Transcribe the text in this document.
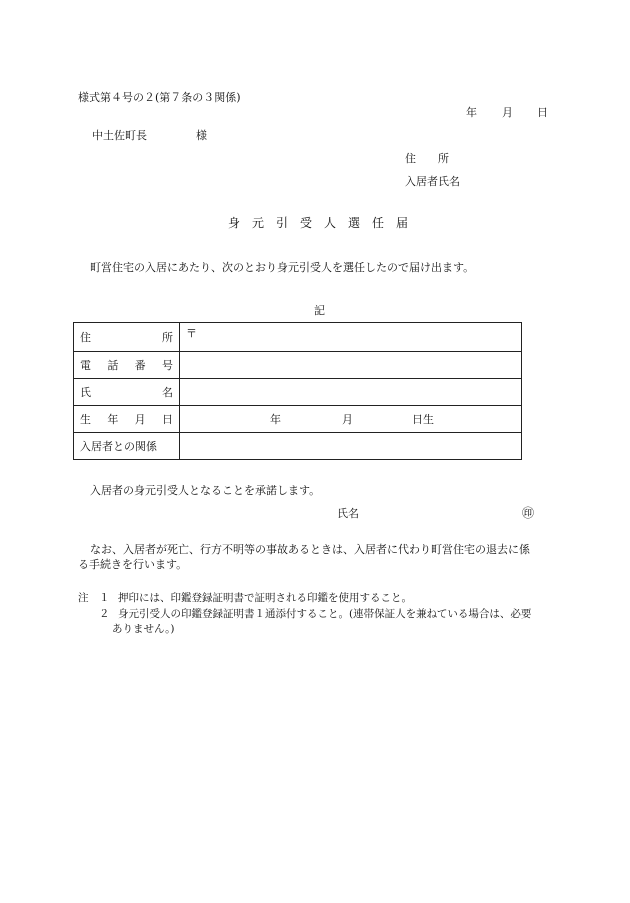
様式第４号の２(第７条の３関係)
年 月 日
中土佐町長	様
住　　所
入居者氏名
身　元　引　受　人　選　任　届
町営住宅の入居にあたり、次のとおり身元引受人を選任したので届け出ます。
記
住 所	〒

電 話 番 号	

氏 名	

生 年 月 日	年 月 日生

入居者との関係	

入居者の身元引受人となることを承諾します。
氏名	㊞
なお、入居者が死亡、行方不明等の事故あるときは、入居者に代わり町営住宅の退去に係
る手続きを行います。
注 １ 押印には、印鑑登録証明書で証明される印鑑を使用すること。
２ 身元引受人の印鑑登録証明書１通添付すること。(連帯保証人を兼ねている場合は、必要
ありません。)
